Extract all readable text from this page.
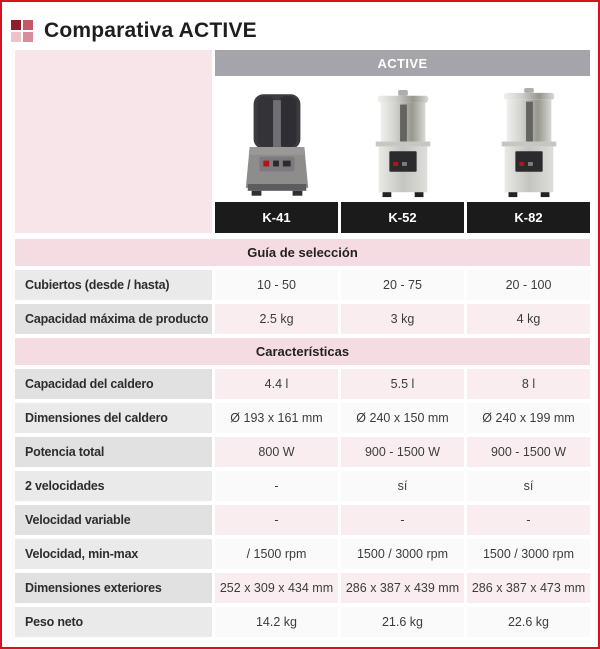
Comparativa ACTIVE
ACTIVE
K-41	K-52	K-82
Guía de selección
Cubiertos (desde / hasta)	10 - 50	20 - 75	20 - 100
Capacidad máxima de producto	2.5 kg	3 kg	4 kg
Características
Capacidad del caldero	4.4 l	5.5 l	8 l
Dimensiones del caldero	Ø 193 x 161 mm	Ø 240 x 150 mm	Ø 240 x 199 mm
Potencia total	800 W	900 - 1500 W	900 - 1500 W
2 velocidades	-	sí	sí
Velocidad variable	-	-	-
Velocidad, min-max	/ 1500 rpm	1500 / 3000 rpm	1500 / 3000 rpm
Dimensiones exteriores	252 x 309 x 434 mm	286 x 387 x 439 mm	286 x 387 x 473 mm
Peso neto	14.2 kg	21.6 kg	22.6 kg
